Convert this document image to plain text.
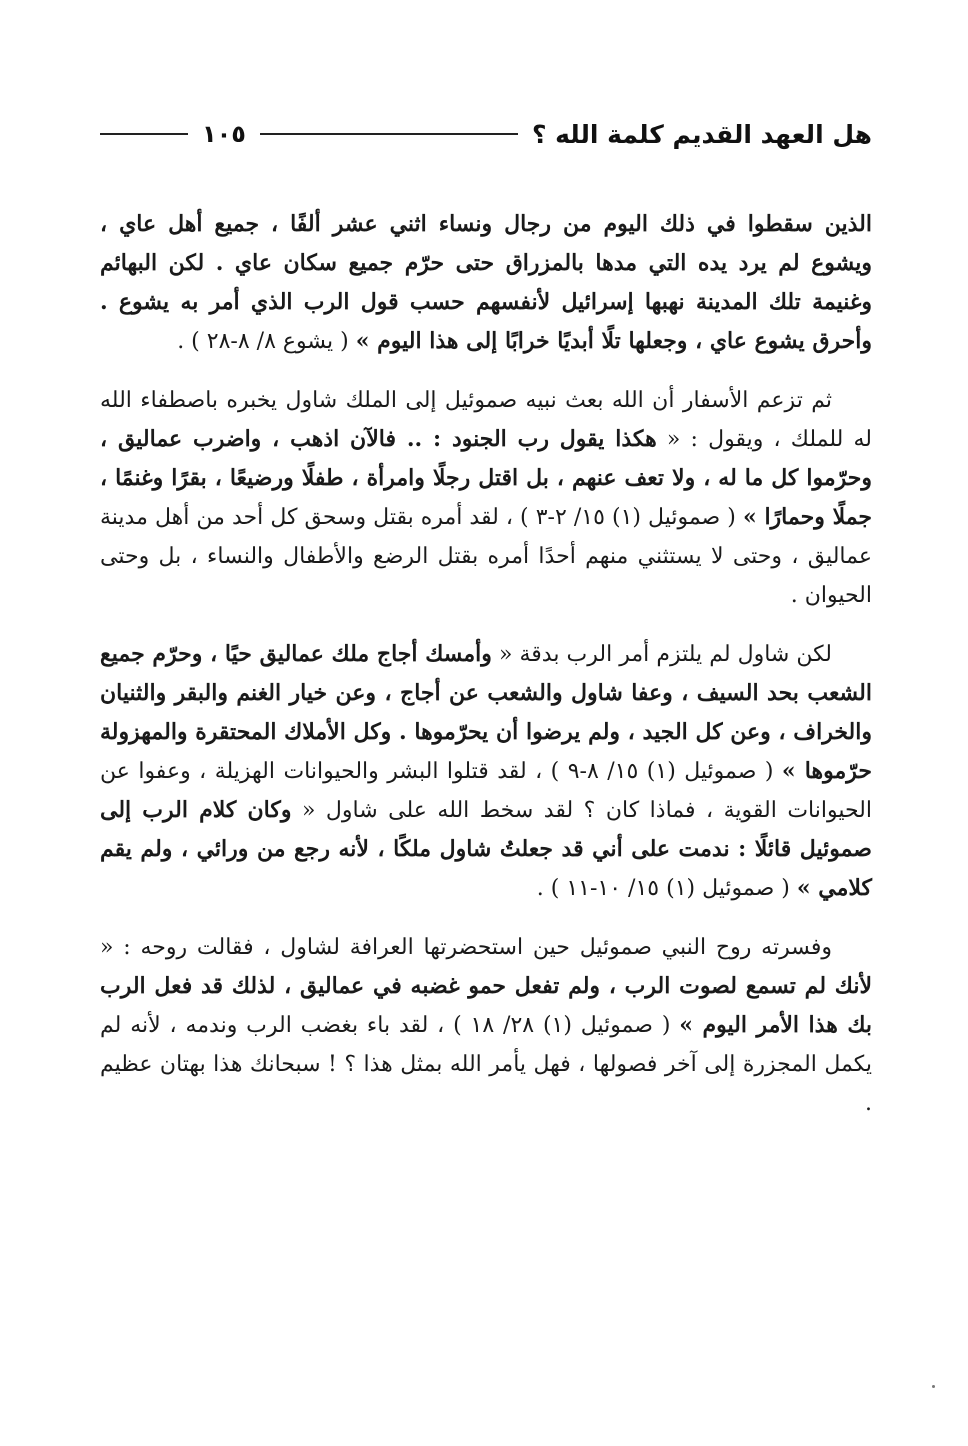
هل العهد القديم كلمة الله ؟
١٠٥

الذين سقطوا في ذلك اليوم من رجال ونساء اثني عشر ألفًا ، جميع أهل عاي ، ويشوع لم يرد يده التي مدها بالمزراق حتى حرّم جميع سكان عاي . لكن البهائم وغنيمة تلك المدينة نهبها إسرائيل لأنفسهم حسب قول الرب الذي أمر به يشوع . وأحرق يشوع عاي ، وجعلها تلًا أبديًا خرابًا إلى هذا اليوم » ( يشوع ٨/ ٨-٢٨ ) .

ثم تزعم الأسفار أن الله بعث نبيه صموئيل إلى الملك شاول يخبره باصطفاء الله له للملك ، ويقول : « هكذا يقول رب الجنود : .. فالآن اذهب ، واضرب عماليق ، وحرّموا كل ما له ، ولا تعف عنهم ، بل اقتل رجلًا وامرأة ، طفلًا ورضيعًا ، بقرًا وغنمًا ، جملًا وحمارًا » ( صموئيل (١) ١٥/ ٢-٣ ) ، لقد أمره بقتل وسحق كل أحد من أهل مدينة عماليق ، وحتى لا يستثني منهم أحدًا أمره بقتل الرضع والأطفال والنساء ، بل وحتى الحيوان .

لكن شاول لم يلتزم أمر الرب بدقة « وأمسك أجاج ملك عماليق حيًا ، وحرّم جميع الشعب بحد السيف ، وعفا شاول والشعب عن أجاج ، وعن خيار الغنم والبقر والثنيان والخراف ، وعن كل الجيد ، ولم يرضوا أن يحرّموها . وكل الأملاك المحتقرة والمهزولة حرّموها » ( صموئيل (١) ١٥/ ٨-٩ ) ، لقد قتلوا البشر والحيوانات الهزيلة ، وعفوا عن الحيوانات القوية ، فماذا كان ؟ لقد سخط الله على شاول « وكان كلام الرب إلى صموئيل قائلًا : ندمت على أني قد جعلتُ شاول ملكًا ، لأنه رجع من ورائي ، ولم يقم كلامي » ( صموئيل (١) ١٥/ ١٠-١١ ) .

وفسرته روح النبي صموئيل حين استحضرتها العرافة لشاول ، فقالت روحه : « لأنك لم تسمع لصوت الرب ، ولم تفعل حمو غضبه في عماليق ، لذلك قد فعل الرب بك هذا الأمر اليوم » ( صموئيل (١) ٢٨/ ١٨ ) ، لقد باء بغضب الرب وندمه ، لأنه لم يكمل المجزرة إلى آخر فصولها ، فهل يأمر الله بمثل هذا ؟ ! سبحانك هذا بهتان عظيم .
